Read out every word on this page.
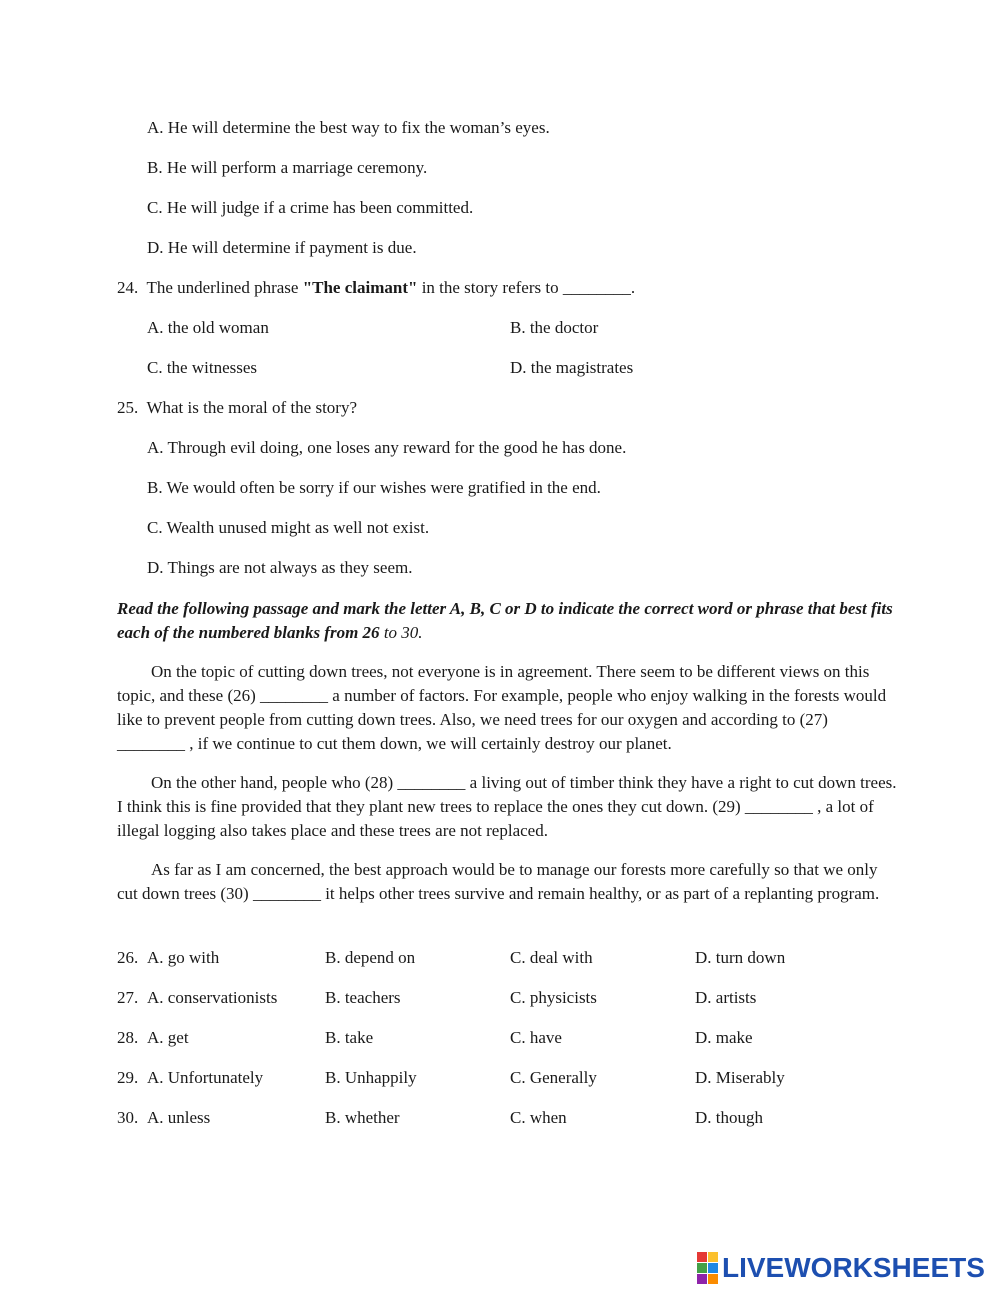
A. He will determine the best way to fix the woman’s eyes.
B. He will perform a marriage ceremony.
C. He will judge if a crime has been committed.
D. He will determine if payment is due.
24. The underlined phrase "The claimant" in the story refers to ________.
A. the old woman	B. the doctor
C. the witnesses	D. the magistrates
25. What is the moral of the story?
A. Through evil doing, one loses any reward for the good he has done.
B. We would often be sorry if our wishes were gratified in the end.
C. Wealth unused might as well not exist.
D. Things are not always as they seem.
Read the following passage and mark the letter A, B, C or D to indicate the correct word or phrase that best fits each of the numbered blanks from 26 to 30.
On the topic of cutting down trees, not everyone is in agreement. There seem to be different views on this topic, and these (26) ________ a number of factors. For example, people who enjoy walking in the forests would like to prevent people from cutting down trees. Also, we need trees for our oxygen and according to (27) ________ , if we continue to cut them down, we will certainly destroy our planet.
On the other hand, people who (28) ________ a living out of timber think they have a right to cut down trees. I think this is fine provided that they plant new trees to replace the ones they cut down. (29) ________ , a lot of illegal logging also takes place and these trees are not replaced.
As far as I am concerned, the best approach would be to manage our forests more carefully so that we only cut down trees (30) ________ it helps other trees survive and remain healthy, or as part of a replanting program.
26. A. go with	B. depend on	C. deal with	D. turn down
27. A. conservationists	B. teachers	C. physicists	D. artists
28. A. get	B. take	C. have	D. make
29. A. Unfortunately	B. Unhappily	C. Generally	D. Miserably
30. A. unless	B. whether	C. when	D. though
LIVEWORKSHEETS
